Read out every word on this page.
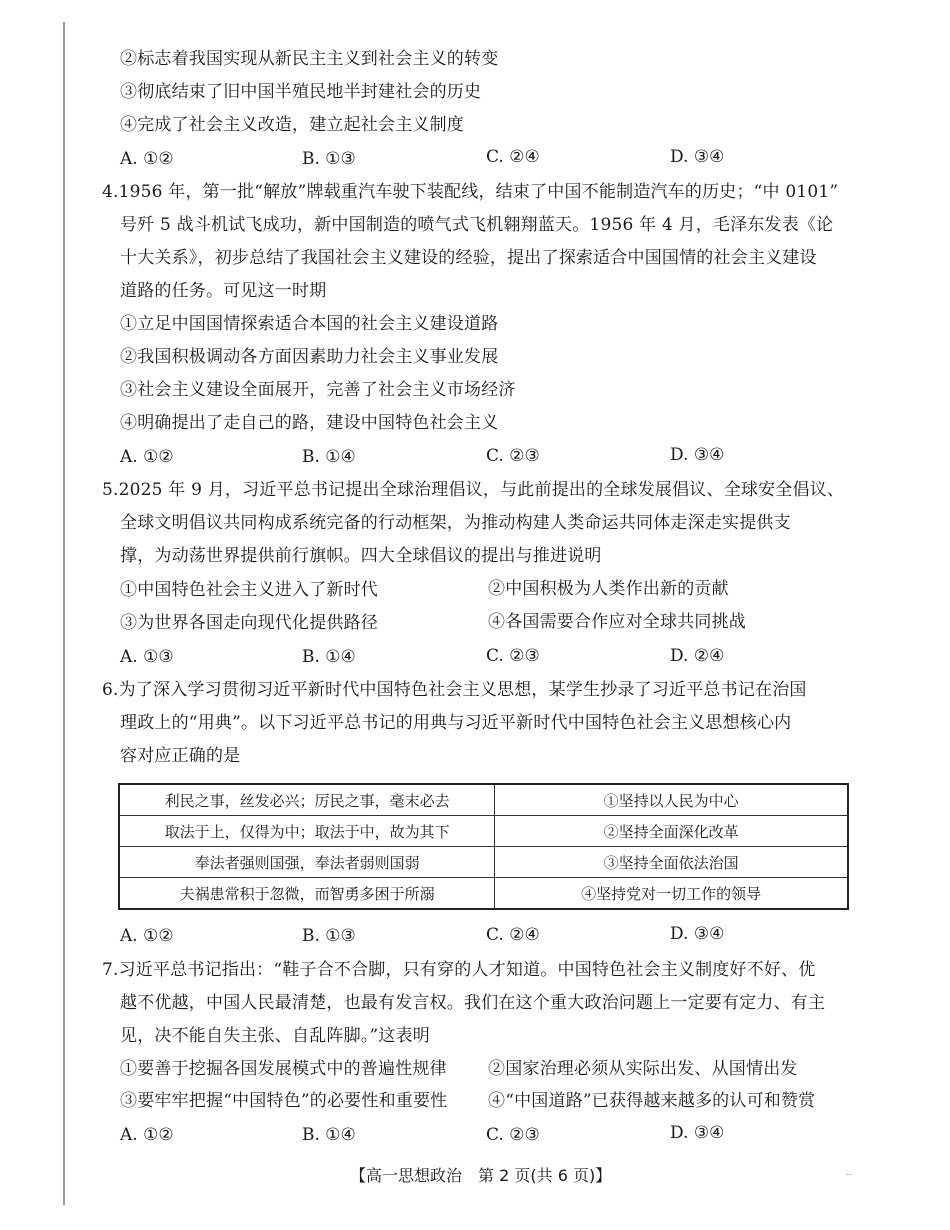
②标志着我国实现从新民主主义到社会主义的转变
③彻底结束了旧中国半殖民地半封建社会的历史
④完成了社会主义改造，建立起社会主义制度
A. ①②	B. ①③	C. ②④	D. ③④
4.1956 年，第一批“解放”牌载重汽车驶下装配线，结束了中国不能制造汽车的历史；“中 0101”
号歼 5 战斗机试飞成功，新中国制造的喷气式飞机翱翔蓝天。1956 年 4 月，毛泽东发表《论
十大关系》，初步总结了我国社会主义建设的经验，提出了探索适合中国国情的社会主义建设
道路的任务。可见这一时期
①立足中国国情探索适合本国的社会主义建设道路
②我国积极调动各方面因素助力社会主义事业发展
③社会主义建设全面展开，完善了社会主义市场经济
④明确提出了走自己的路，建设中国特色社会主义
A. ①②	B. ①④	C. ②③	D. ③④
5.2025 年 9 月，习近平总书记提出全球治理倡议，与此前提出的全球发展倡议、全球安全倡议、
全球文明倡议共同构成系统完备的行动框架，为推动构建人类命运共同体走深走实提供支
撑，为动荡世界提供前行旗帜。四大全球倡议的提出与推进说明
①中国特色社会主义进入了新时代	②中国积极为人类作出新的贡献
③为世界各国走向现代化提供路径	④各国需要合作应对全球共同挑战
A. ①③	B. ①④	C. ②③	D. ②④
6.为了深入学习贯彻习近平新时代中国特色社会主义思想，某学生抄录了习近平总书记在治国
理政上的“用典”。以下习近平总书记的用典与习近平新时代中国特色社会主义思想核心内
容对应正确的是
利民之事，丝发必兴；厉民之事，毫末必去	①坚持以人民为中心
取法于上，仅得为中；取法于中，故为其下	②坚持全面深化改革
奉法者强则国强，奉法者弱则国弱	③坚持全面依法治国
夫祸患常积于忽微，而智勇多困于所溺	④坚持党对一切工作的领导
A. ①②	B. ①③	C. ②④	D. ③④
7.习近平总书记指出：“鞋子合不合脚，只有穿的人才知道。中国特色社会主义制度好不好、优
越不优越，中国人民最清楚，也最有发言权。我们在这个重大政治问题上一定要有定力、有主
见，决不能自失主张、自乱阵脚。”这表明
①要善于挖掘各国发展模式中的普遍性规律 ②国家治理必须从实际出发、从国情出发
③要牢牢把握“中国特色”的必要性和重要性 ④“中国道路”已获得越来越多的认可和赞赏
A. ①②	B. ①④	C. ②③	D. ③④
【高一思想政治 第 2 页(共 6 页)】	--
